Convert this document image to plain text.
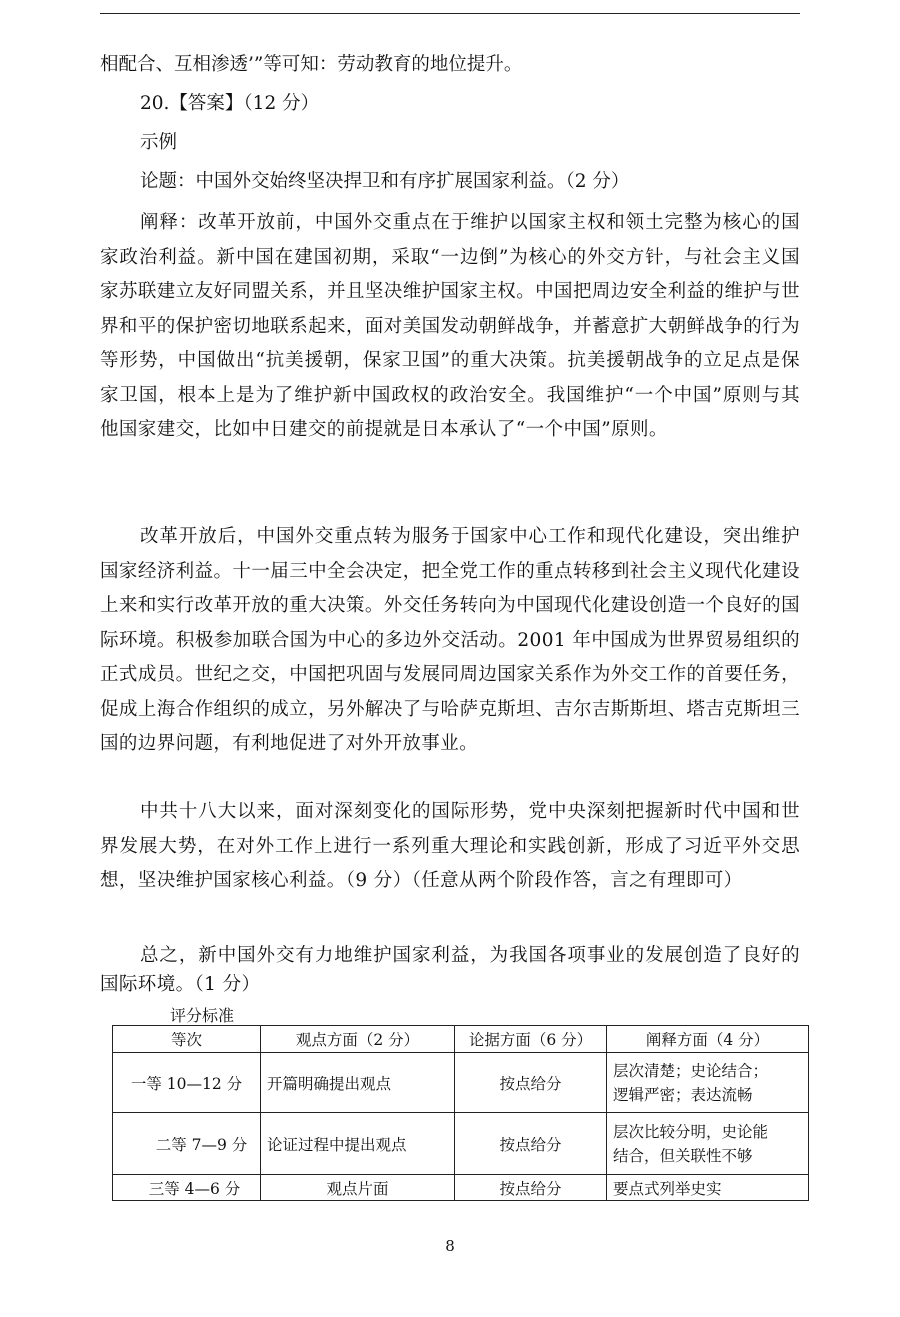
相配合、互相渗透’”等可知：劳动教育的地位提升。
20.【答案】（12 分）
示例
论题：中国外交始终坚决捍卫和有序扩展国家利益。（2 分）

阐释：改革开放前，中国外交重点在于维护以国家主权和领土完整为核心的国家政治利益。新中国在建国初期，采取“一边倒”为核心的外交方针，与社会主义国家苏联建立友好同盟关系，并且坚决维护国家主权。中国把周边安全利益的维护与世界和平的保护密切地联系起来，面对美国发动朝鲜战争，并蓄意扩大朝鲜战争的行为等形势，中国做出“抗美援朝，保家卫国”的重大决策。抗美援朝战争的立足点是保家卫国，根本上是为了维护新中国政权的政治安全。我国维护“一个中国”原则与其他国家建交，比如中日建交的前提就是日本承认了“一个中国”原则。

改革开放后，中国外交重点转为服务于国家中心工作和现代化建设，突出维护国家经济利益。十一届三中全会决定，把全党工作的重点转移到社会主义现代化建设上来和实行改革开放的重大决策。外交任务转向为中国现代化建设创造一个良好的国际环境。积极参加联合国为中心的多边外交活动。2001 年中国成为世界贸易组织的正式成员。世纪之交，中国把巩固与发展同周边国家关系作为外交工作的首要任务，促成上海合作组织的成立，另外解决了与哈萨克斯坦、吉尔吉斯斯坦、塔吉克斯坦三国的边界问题，有利地促进了对外开放事业。

中共十八大以来，面对深刻变化的国际形势，党中央深刻把握新时代中国和世界发展大势，在对外工作上进行一系列重大理论和实践创新，形成了习近平外交思想，坚决维护国家核心利益。（9 分）（任意从两个阶段作答，言之有理即可）

总之，新中国外交有力地维护国家利益，为我国各项事业的发展创造了良好的国际环境。（1 分）

评分标准
等次	观点方面（2 分）	论据方面（6 分）	阐释方面（4 分）
一等 10—12 分	开篇明确提出观点	按点给分	层次清楚；史论结合；
逻辑严密；表达流畅

二等 7—9 分	论证过程中提出观点	按点给分	层次比较分明，史论能
结合，但关联性不够

三等 4—6 分	观点片面	按点给分	要点式列举史实
8
